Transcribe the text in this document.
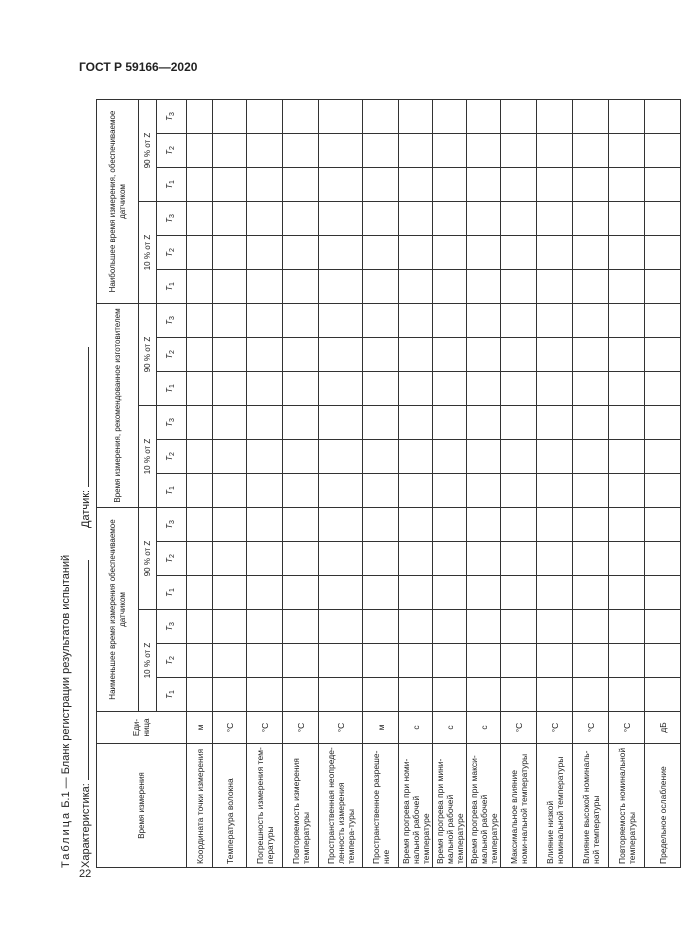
ГОСТ Р 59166—2020
Таблица Б.1 — Бланк регистрации результатов испытаний
Характеристика:
Датчик:
Время измерения	Еди-ница	Наименьшее время измерения обеспечиваемое датчиком						Время измерения, рекомендованное изготовителем						Наибольшее время измерения, обеспечиваемое датчиком					
		10 % от Z			90 % от Z			10 % от Z			90 % от Z			10 % от Z			90 % от Z		
		T1	T2	T3	T1	T2	T3	T1	T2	T3	T1	T2	T3	T1	T2	T3	T1	T2	T3
Координата точки измерения	м																		
Температура волокна	°С																		
Погрешность измерения тем-пературы	°С																		
Повторяемость измерения температуры	°С																		
Пространственная неопреде-ленность измерения темпера-туры	°С																		
Пространственное разреше-ние	м																		
Время прогрева при номи-нальной рабочей температуре	с																		
Время прогрева при мини-мальной рабочей температуре	с																		
Время прогрева при макси-мальной рабочей температуре	с																		
Максимальное влияние номи-нальной температуры	°С																		
Влияние низкой номинальной температуры	°С																		
Влияние высокой номиналь-ной температуры	°С																		
Повторяемость номинальной температуры	°С																		
Предельное ослабление	дБ																		
22
